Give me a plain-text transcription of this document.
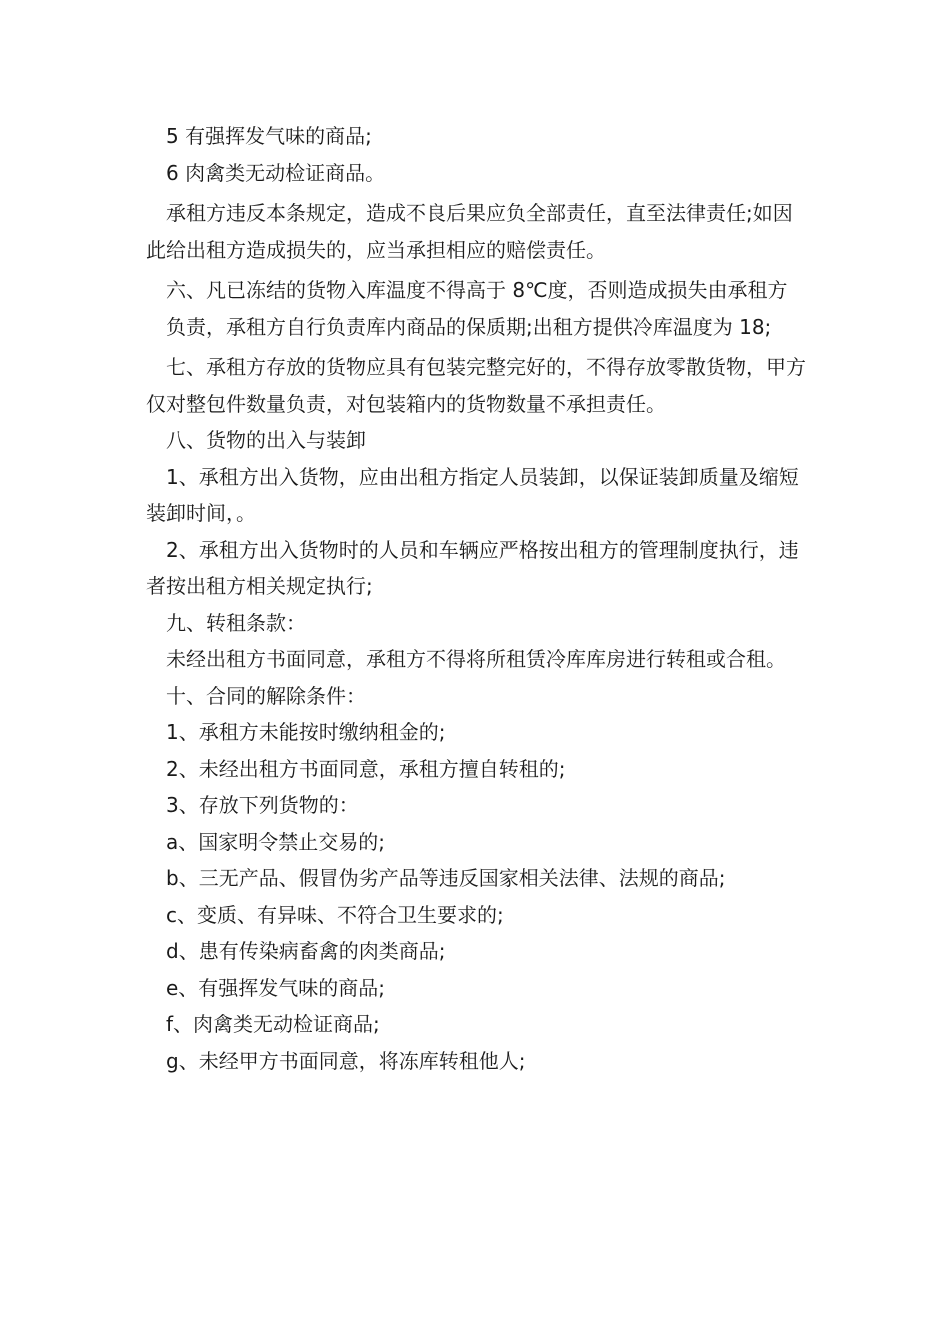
5 有强挥发气味的商品;

6 肉禽类无动检证商品。

承租方违反本条规定，造成不良后果应负全部责任，直至法律责任;如因此给出租方造成损失的，应当承担相应的赔偿责任。

六、凡已冻结的货物入库温度不得高于 8℃度，否则造成损失由承租方

负责，承租方自行负责库内商品的保质期;出租方提供冷库温度为 18;

七、承租方存放的货物应具有包装完整完好的，不得存放零散货物，甲方仅对整包件数量负责，对包装箱内的货物数量不承担责任。

八、货物的出入与装卸

1、承租方出入货物，应由出租方指定人员装卸，以保证装卸质量及缩短装卸时间，。

2、承租方出入货物时的人员和车辆应严格按出租方的管理制度执行，违者按出租方相关规定执行;

九、转租条款：

未经出租方书面同意，承租方不得将所租赁冷库库房进行转租或合租。

十、合同的解除条件：

1、承租方未能按时缴纳租金的;

2、未经出租方书面同意，承租方擅自转租的;

3、存放下列货物的：

a、国家明令禁止交易的;

b、三无产品、假冒伪劣产品等违反国家相关法律、法规的商品;

c、变质、有异味、不符合卫生要求的;

d、患有传染病畜禽的肉类商品;

e、有强挥发气味的商品;

f、肉禽类无动检证商品;

g、未经甲方书面同意，将冻库转租他人;
